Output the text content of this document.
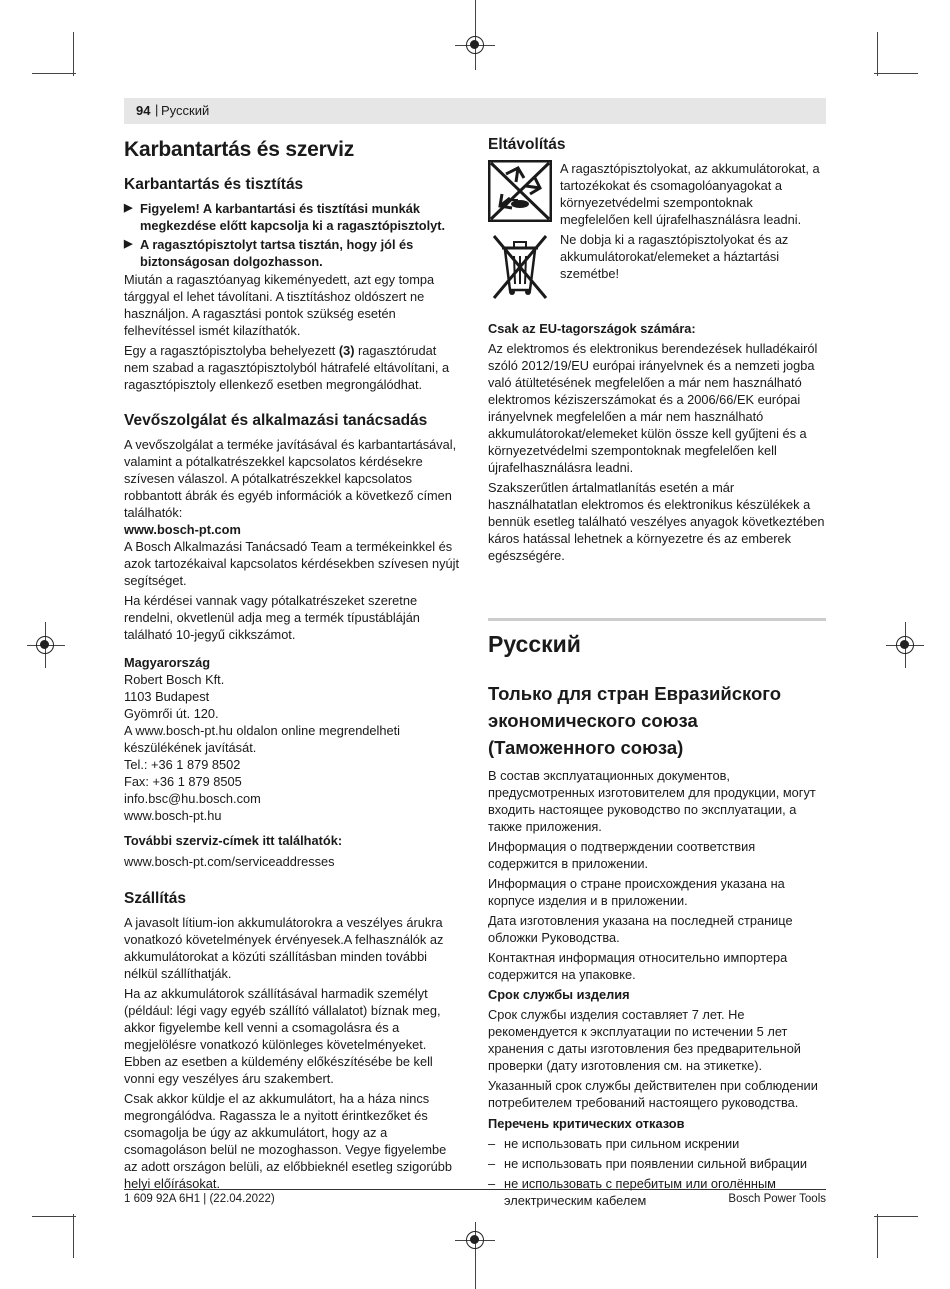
94 | Русский
Karbantartás és szerviz
Karbantartás és tisztítás
▶ Figyelem! A karbantartási és tisztítási munkák megkezdése előtt kapcsolja ki a ragasztópisztolyt.
▶ A ragasztópisztolyt tartsa tisztán, hogy jól és biztonságosan dolgozhasson.

Miután a ragasztóanyag kikeményedett, azt egy tompa tárggyal el lehet távolítani. A tisztításhoz oldószert ne használjon. A ragasztási pontok szükség esetén felhevítéssel ismét kilazíthatók.

Egy a ragasztópisztolyba behelyezett (3) ragasztórudat nem szabad a ragasztópisztolyból hátrafelé eltávolítani, a ragasztópisztoly ellenkező esetben megrongálódhat.

Vevőszolgálat és alkalmazási tanácsadás

A vevőszolgálat a terméke javításával és karbantartásával, valamint a pótalkatrészekkel kapcsolatos kérdésekre szívesen válaszol. A pótalkatrészekkel kapcsolatos robbantott ábrák és egyéb információk a következő címen találhatók:

www.bosch-pt.com

A Bosch Alkalmazási Tanácsadó Team a termékeinkkel és azok tartozékaival kapcsolatos kérdésekben szívesen nyújt segítséget.

Ha kérdései vannak vagy pótalkatrészeket szeretne rendelni, okvetlenül adja meg a termék típustábláján található 10-jegyű cikkszámot.

Magyarország

Robert Bosch Kft.

1103 Budapest

Gyömrői út. 120.

A www.bosch-pt.hu oldalon online megrendelheti készülékének javítását.

Tel.: +36 1 879 8502

Fax: +36 1 879 8505

info.bsc@hu.bosch.com

www.bosch-pt.hu

További szerviz-címek itt találhatók:

www.bosch-pt.com/serviceaddresses

Szállítás

A javasolt lítium-ion akkumulátorokra a veszélyes árukra vonatkozó követelmények érvényesek.A felhasználók az akkumulátorokat a közúti szállításban minden további nélkül szállíthatják.

Ha az akkumulátorok szállításával harmadik személyt (például: légi vagy egyéb szállító vállalatot) bíznak meg, akkor figyelembe kell venni a csomagolásra és a megjelölésre vonatkozó különleges követelményeket. Ebben az esetben a küldemény előkészítésébe be kell vonni egy veszélyes áru szakembert.

Csak akkor küldje el az akkumulátort, ha a háza nincs megrongálódva. Ragassza le a nyitott érintkezőket és csomagolja be úgy az akkumulátort, hogy az a csomagoláson belül ne mozoghasson. Vegye figyelembe az adott országon belüli, az előbbieknél esetleg szigorúbb helyi előírásokat.

Eltávolítás

A ragasztópisztolyokat, az akkumulátorokat, a tartozékokat és csomagolóanyagokat a környezetvédelmi szempontoknak megfelelően kell újrafelhasználásra leadni.

Ne dobja ki a ragasztópisztolyokat és az akkumulátorokat/elemeket a háztartási szemétbe!

Csak az EU-tagországok számára:

Az elektromos és elektronikus berendezések hulladékairól szóló 2012/19/EU európai irányelvnek és a nemzeti jogba való átültetésének megfelelően a már nem használható elektromos kéziszerszámokat és a 2006/66/EK európai irányelvnek megfelelően a már nem használható akkumulátorokat/elemeket külön össze kell gyűjteni és a környezetvédelmi szempontoknak megfelelően kell újrafelhasználásra leadni.

Szakszerűtlen ártalmatlanítás esetén a már használhatatlan elektromos és elektronikus készülékek a bennük esetleg található veszélyes anyagok következtében káros hatással lehetnek a környezetre és az emberek egészségére.

Русский
Только для стран Евразийского экономического союза (Таможенного союза)

В состав эксплуатационных документов, предусмотренных изготовителем для продукции, могут входить настоящее руководство по эксплуатации, а также приложения.

Информация о подтверждении соответствия содержится в приложении.

Информация о стране происхождения указана на корпусе изделия и в приложении.

Дата изготовления указана на последней странице обложки Руководства.

Контактная информация относительно импортера содержится на упаковке.

Срок службы изделия

Срок службы изделия составляет 7 лет. Не рекомендуется к эксплуатации по истечении 5 лет хранения с даты изготовления без предварительной проверки (дату изготовления см. на этикетке).

Указанный срок службы действителен при соблюдении потребителем требований настоящего руководства.

Перечень критических отказов

– не использовать при сильном искрении
– не использовать при появлении сильной вибрации
– не использовать с перебитым или оголённым электрическим кабелем
1 609 92A 6H1 | (22.04.2022)	Bosch Power Tools
